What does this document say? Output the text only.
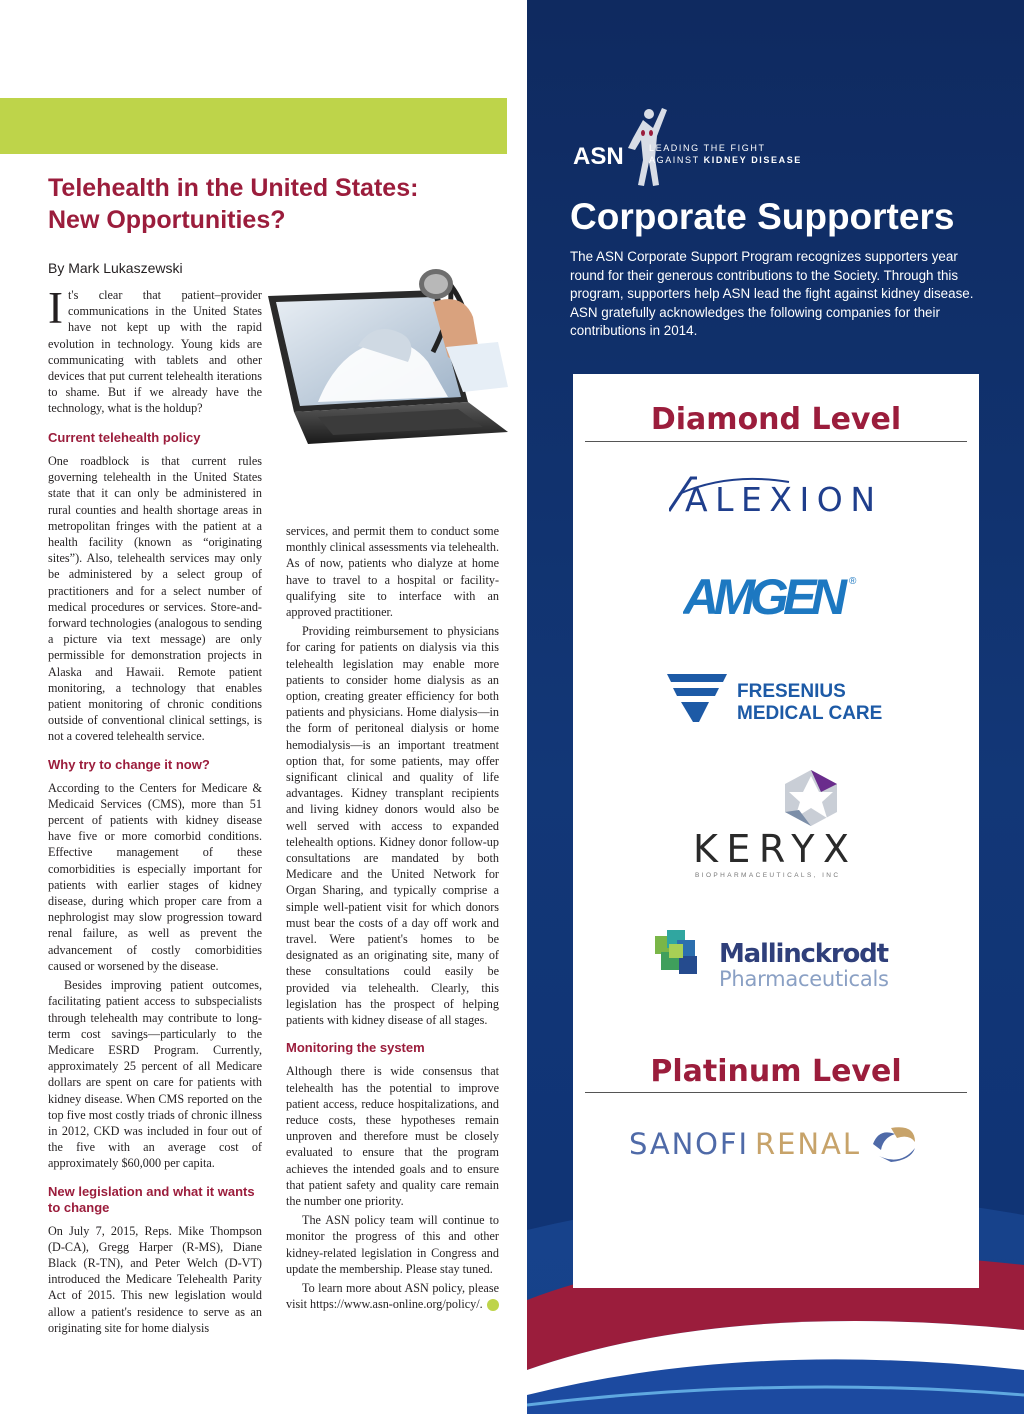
Telehealth in the United States:
New Opportunities?
By Mark Lukaszewski

It's clear that patient–provider communications in the United States have not kept up with the rapid evolution in technology. Young kids are communicating with tablets and other devices that put current telehealth iterations to shame. But if we already have the technology, what is the holdup?

Current telehealth policy

One roadblock is that current rules governing telehealth in the United States state that it can only be administered in rural counties and health shortage areas in metropolitan fringes with the patient at a health facility (known as “originating sites”). Also, telehealth services may only be administered by a select group of practitioners and for a select number of medical procedures or services. Store-and-forward technologies (analogous to sending a picture via text message) are only permissible for demonstration projects in Alaska and Hawaii. Remote patient monitoring, a technology that enables patient monitoring of chronic conditions outside of conventional clinical settings, is not a covered telehealth service.

Why try to change it now?

According to the Centers for Medicare & Medicaid Services (CMS), more than 51 percent of patients with kidney disease have five or more comorbid conditions. Effective management of these comorbidities is especially important for patients with earlier stages of kidney disease, during which proper care from a nephrologist may slow progression toward renal failure, as well as prevent the advancement of costly comorbidities caused or worsened by the disease.

Besides improving patient outcomes, facilitating patient access to subspecialists through telehealth may contribute to long-term cost savings—particularly to the Medicare ESRD Program. Currently, approximately 25 percent of all Medicare dollars are spent on care for patients with kidney disease. When CMS reported on the top five most costly triads of chronic illness in 2012, CKD was included in four out of the five with an average cost of approximately $60,000 per capita.

New legislation and what it wants to change

On July 7, 2015, Reps. Mike Thompson (D-CA), Gregg Harper (R-MS), Diane Black (R-TN), and Peter Welch (D-VT) introduced the Medicare Telehealth Parity Act of 2015. This new legislation would allow a patient's residence to serve as an originating site for home dialysis

services, and permit them to conduct some monthly clinical assessments via telehealth. As of now, patients who dialyze at home have to travel to a hospital or facility-qualifying site to interface with an approved practitioner.

Providing reimbursement to physicians for caring for patients on dialysis via this telehealth legislation may enable more patients to consider home dialysis as an option, creating greater efficiency for both patients and physicians. Home dialysis—in the form of peritoneal dialysis or home hemodialysis—is an important treatment option that, for some patients, may offer significant clinical and quality of life advantages. Kidney transplant recipients and living kidney donors would also be well served with access to expanded telehealth options. Kidney donor follow-up consultations are mandated by both Medicare and the United Network for Organ Sharing, and typically comprise a simple well-patient visit for which donors must bear the costs of a day off work and travel. Were patient's homes to be designated as an originating site, many of these consultations could easily be provided via telehealth. Clearly, this legislation has the prospect of helping patients with kidney disease of all stages.

Monitoring the system

Although there is wide consensus that telehealth has the potential to improve patient access, reduce hospitalizations, and reduce costs, these hypotheses remain unproven and therefore must be closely evaluated to ensure that the program achieves the intended goals and to ensure that patient safety and quality care remain the number one priority.

The ASN policy team will continue to monitor the progress of this and other kidney-related legislation in Congress and update the membership. Please stay tuned.

To learn more about ASN policy, please visit https://www.asn-online.org/policy/.

ASN	LEADING THE FIGHT
AGAINST KIDNEY DISEASE
Corporate Supporters

The ASN Corporate Support Program recognizes supporters year round for their generous contributions to the Society. Through this program, supporters help ASN lead the fight against kidney disease. ASN gratefully acknowledges the following companies for their contributions in 2014.

Diamond Level
ALEXION
AMGEN ®
FRESENIUS
MEDICAL CARE
KERYX
BIOPHARMACEUTICALS, INC
Mallinckrodt
Pharmaceuticals
Platinum Level
SANOFI RENAL
